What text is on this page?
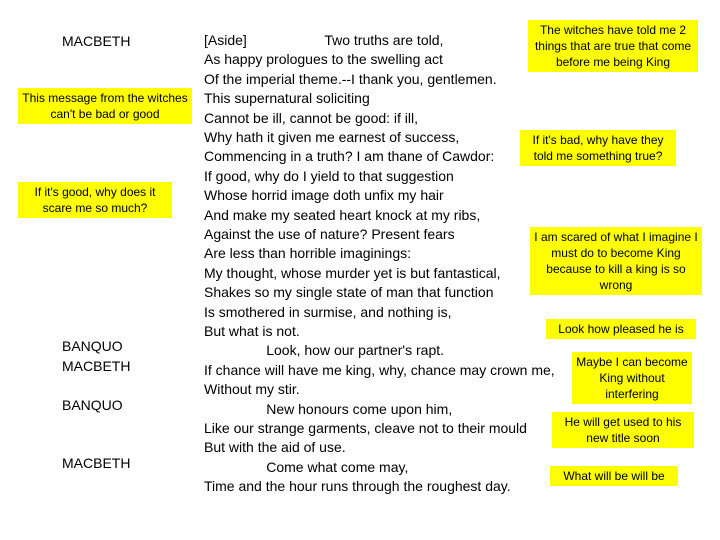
MACBETH
BANQUO
MACBETH
BANQUO
MACBETH
This message from the witches can't be bad or good
If it's good, why does it scare me so much?
The witches have told me 2 things that are true that come before me being King
If it's bad, why have they told me something true?
I am scared of what I imagine I must do to become King because to kill a king is so wrong
Look how pleased he is
Maybe I can become King without interfering
He will get used to his new title soon
What will be will be
[Aside]                    Two truths are told,
As happy prologues to the swelling act
Of the imperial theme.--I thank you, gentlemen.
This supernatural soliciting
Cannot be ill, cannot be good: if ill,
Why hath it given me earnest of success,
Commencing in a truth? I am thane of Cawdor:
If good, why do I yield to that suggestion
Whose horrid image doth unfix my hair
And make my seated heart knock at my ribs,
Against the use of nature? Present fears
Are less than horrible imaginings:
My thought, whose murder yet is but fantastical,
Shakes so my single state of man that function
Is smothered in surmise, and nothing is,
But what is not.
Look, how our partner's rapt.
If chance will have me king, why, chance may crown me,
Without my stir.
New honours come upon him,
Like our strange garments, cleave not to their mould
But with the aid of use.
Come what come may,
Time and the hour runs through the roughest day.
